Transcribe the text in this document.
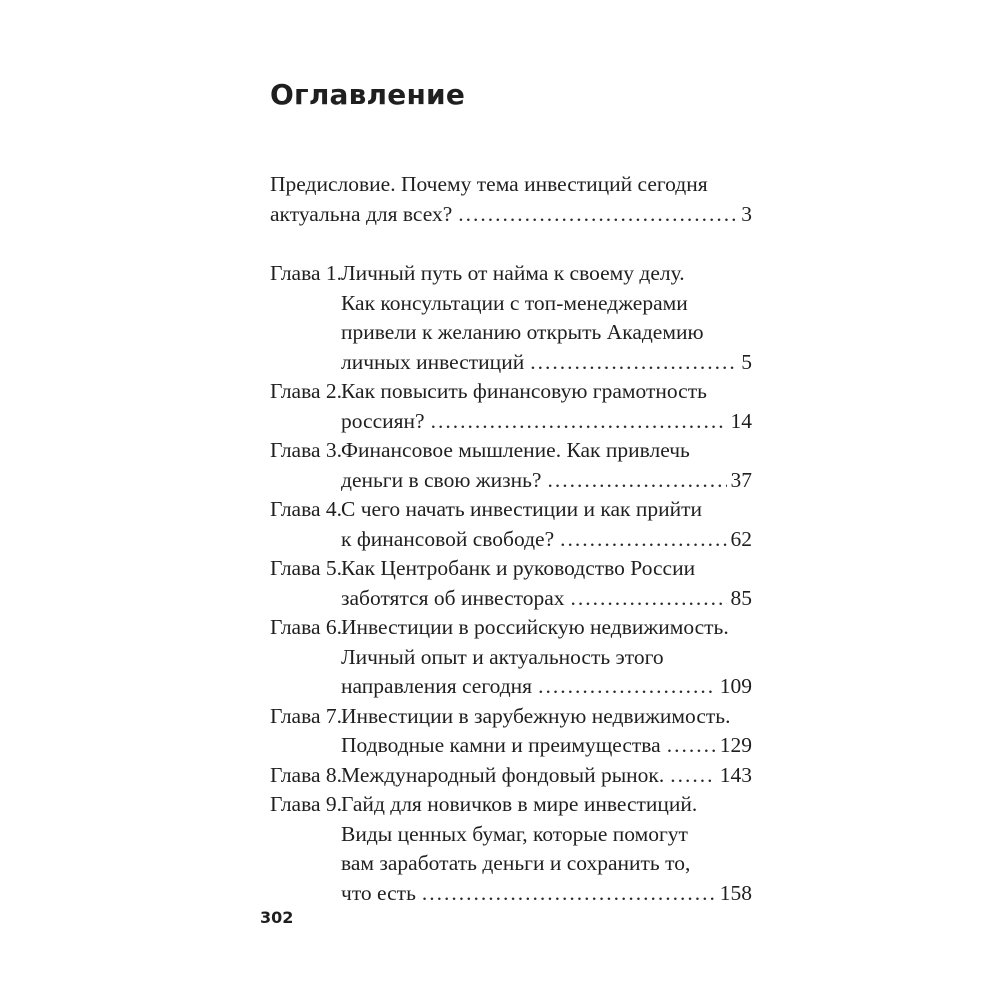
Оглавление
Предисловие. Почему тема инвестиций сегодня
актуальна для всех? .....	3
Глава 1. Личный путь от найма к своему делу.
Как консультации с топ-менеджерами
привели к желанию открыть Академию
личных инвестиций .....	5
Глава 2. Как повысить финансовую грамотность
россиян? .....	14
Глава 3. Финансовое мышление. Как привлечь
деньги в свою жизнь? .....	37
Глава 4. С чего начать инвестиции и как прийти
к финансовой свободе? .....	62
Глава 5. Как Центробанк и руководство России
заботятся об инвесторах .....	85
Глава 6. Инвестиции в российскую недвижимость.
Личный опыт и актуальность этого
направления сегодня .....	109
Глава 7. Инвестиции в зарубежную недвижимость.
Подводные камни и преимущества .....	129
Глава 8. Международный фондовый рынок. .....	143
Глава 9. Гайд для новичков в мире инвестиций.
Виды ценных бумаг, которые помогут
вам заработать деньги и сохранить то,
что есть .....	158
302
